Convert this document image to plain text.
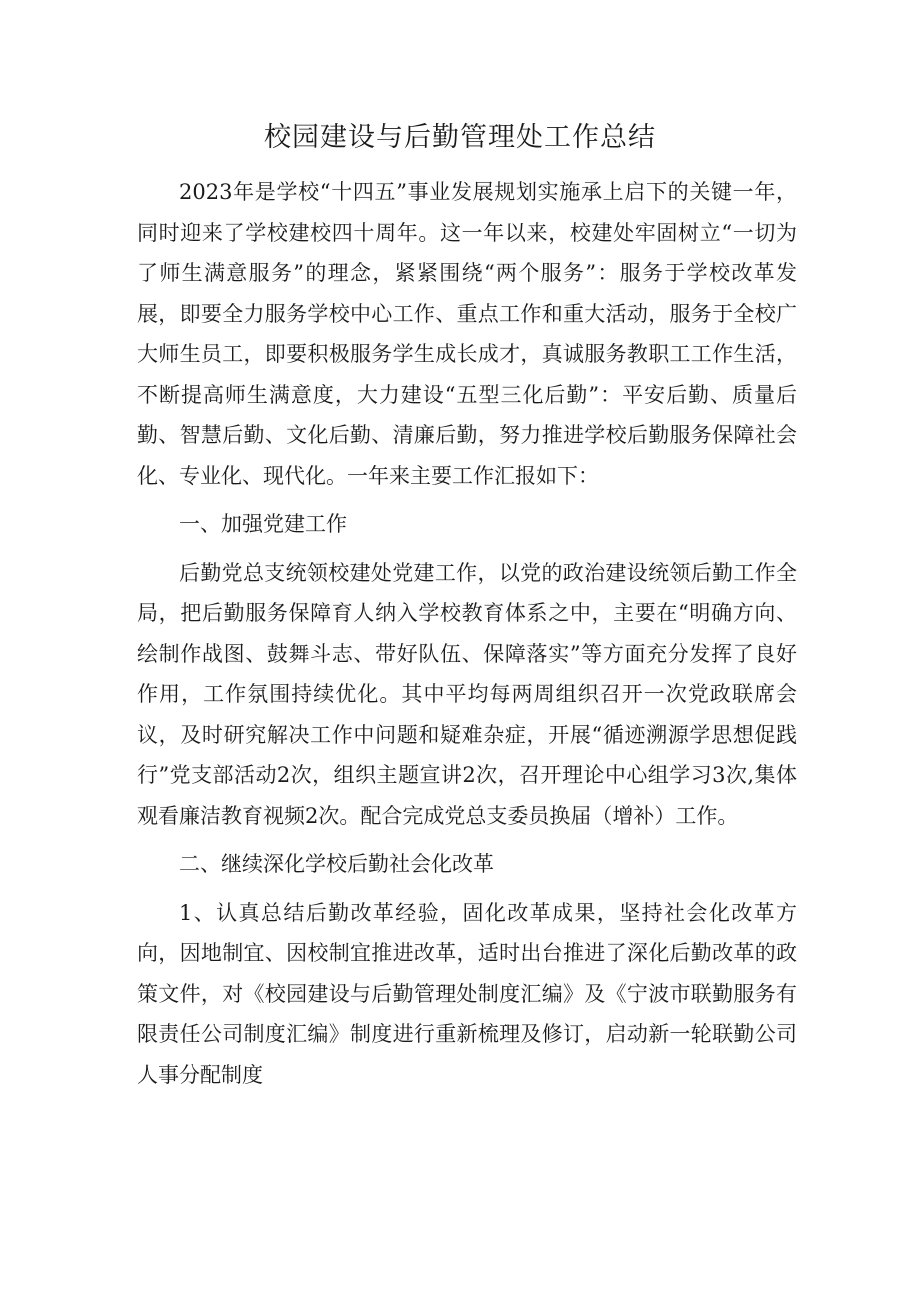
校园建设与后勤管理处工作总结

2023年是学校“十四五”事业发展规划实施承上启下的关键一年，同时迎来了学校建校四十周年。这一年以来，校建处牢固树立“一切为了师生满意服务”的理念，紧紧围绕“两个服务”：服务于学校改革发展，即要全力服务学校中心工作、重点工作和重大活动，服务于全校广大师生员工，即要积极服务学生成长成才，真诚服务教职工工作生活，不断提高师生满意度，大力建设“五型三化后勤”：平安后勤、质量后勤、智慧后勤、文化后勤、清廉后勤，努力推进学校后勤服务保障社会化、专业化、现代化。一年来主要工作汇报如下：

一、加强党建工作

后勤党总支统领校建处党建工作，以党的政治建设统领后勤工作全局，把后勤服务保障育人纳入学校教育体系之中，主要在“明确方向、绘制作战图、鼓舞斗志、带好队伍、保障落实”等方面充分发挥了良好作用，工作氛围持续优化。其中平均每两周组织召开一次党政联席会议，及时研究解决工作中问题和疑难杂症，开展“循迹溯源学思想促践行”党支部活动2次，组织主题宣讲2次，召开理论中心组学习3次,集体观看廉洁教育视频2次。配合完成党总支委员换届（增补）工作。

二、继续深化学校后勤社会化改革

1、认真总结后勤改革经验，固化改革成果，坚持社会化改革方向，因地制宜、因校制宜推进改革，适时出台推进了深化后勤改革的政策文件，对《校园建设与后勤管理处制度汇编》及《宁波市联勤服务有限责任公司制度汇编》制度进行重新梳理及修订，启动新一轮联勤公司人事分配制度
